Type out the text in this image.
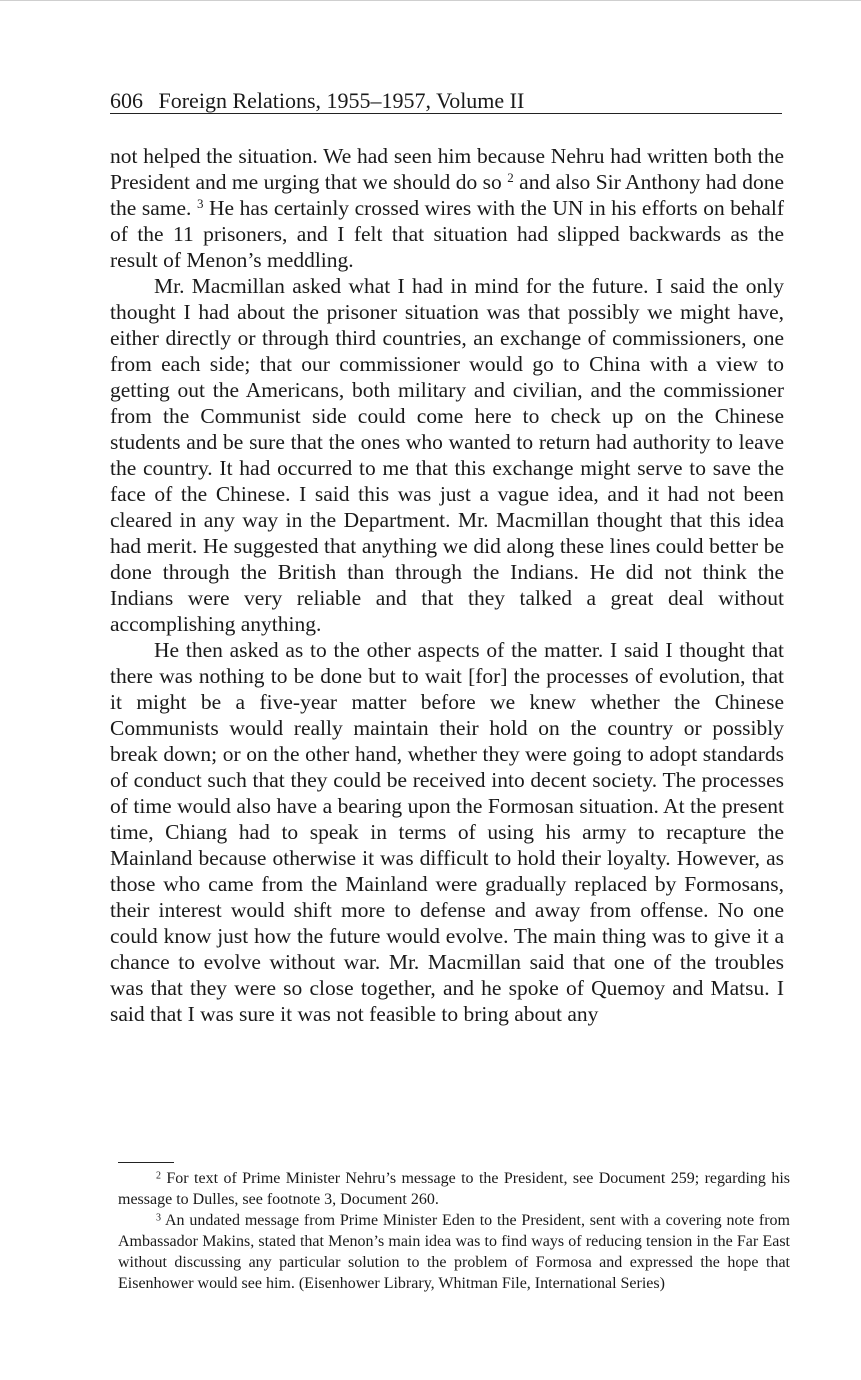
606 Foreign Relations, 1955–1957, Volume II

not helped the situation. We had seen him because Nehru had written both the President and me urging that we should do so $^2$ and also Sir Anthony had done the same. $^3$ He has certainly crossed wires with the UN in his efforts on behalf of the 11 prisoners, and I felt that situation had slipped backwards as the result of Menon’s meddling.

Mr. Macmillan asked what I had in mind for the future. I said the only thought I had about the prisoner situation was that possibly we might have, either directly or through third countries, an exchange of commissioners, one from each side; that our commissioner would go to China with a view to getting out the Americans, both military and civilian, and the commissioner from the Communist side could come here to check up on the Chinese students and be sure that the ones who wanted to return had authority to leave the country. It had occurred to me that this exchange might serve to save the face of the Chinese. I said this was just a vague idea, and it had not been cleared in any way in the Department. Mr. Macmillan thought that this idea had merit. He suggested that anything we did along these lines could better be done through the British than through the Indians. He did not think the Indians were very reliable and that they talked a great deal without accomplishing anything.

He then asked as to the other aspects of the matter. I said I thought that there was nothing to be done but to wait [for] the processes of evolution, that it might be a five-year matter before we knew whether the Chinese Communists would really maintain their hold on the country or possibly break down; or on the other hand, whether they were going to adopt standards of conduct such that they could be received into decent society. The processes of time would also have a bearing upon the Formosan situation. At the present time, Chiang had to speak in terms of using his army to recapture the Mainland because otherwise it was difficult to hold their loyalty. However, as those who came from the Mainland were gradually replaced by Formosans, their interest would shift more to defense and away from offense. No one could know just how the future would evolve. The main thing was to give it a chance to evolve without war. Mr. Macmillan said that one of the troubles was that they were so close together, and he spoke of Quemoy and Matsu. I said that I was sure it was not feasible to bring about any

$^2$ For text of Prime Minister Nehru’s message to the President, see Document 259; regarding his message to Dulles, see footnote 3, Document 260.

$^3$ An undated message from Prime Minister Eden to the President, sent with a covering note from Ambassador Makins, stated that Menon’s main idea was to find ways of reducing tension in the Far East without discussing any particular solution to the problem of Formosa and expressed the hope that Eisenhower would see him. (Eisenhower Library, Whitman File, International Series)
